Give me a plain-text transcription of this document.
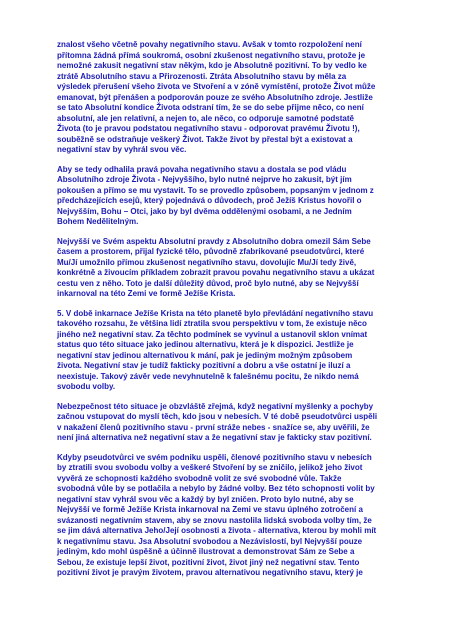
znalost všeho včetně povahy negativního stavu. Avšak v tomto rozpoložení není
přítomna žádná přímá soukromá, osobní zkušenost negativního stavu, protože je
nemožné zakusit negativní stav někým, kdo je Absolutně pozitivní. To by vedlo ke
ztrátě Absolutního stavu a Přirozenosti. Ztráta Absolutního stavu by měla za
výsledek přerušení všeho života ve Stvoření a v zóně vymístění, protože Život může
emanovat, být přenášen a podporován pouze ze svého Absolutního zdroje. Jestliže
se tato Absolutní kondice Života odstraní tím, že se do sebe přijme něco, co není
absolutní, ale jen relativní, a nejen to, ale něco, co odporuje samotné podstatě
Života (to je pravou podstatou negativního stavu - odporovat pravému Životu !),
souběžně se odstraňuje veškerý Život. Takže život by přestal být a existovat a
negativní stav by vyhrál svou věc.

Aby se tedy odhalila pravá povaha negativního stavu a dostala se pod vládu
Absolutního zdroje Života - Nejvyššího, bylo nutné nejprve ho zakusit, být jím
pokoušen a přímo se mu vystavit. To se provedlo způsobem, popsaným v jednom z
předcházejících esejů, který pojednává o důvodech, proč Ježíš Kristus hovořil o
Nejvyšším, Bohu – Otci, jako by byl dvěma oddělenými osobami, a ne Jedním
Bohem Nedělitelným.

Nejvyšší ve Svém aspektu Absolutní pravdy z Absolutního dobra omezil Sám Sebe
časem a prostorem, přijal fyzické tělo, původně zfabrikované pseudotvůrci, které
Mu/Jí umožnilo přímou zkušenost negativního stavu, dovolujíc Mu/Jí tedy živě,
konkrétně a živoucím příkladem zobrazit pravou povahu negativního stavu a ukázat
cestu ven z něho. Toto je další důležitý důvod, proč bylo nutné, aby se Nejvyšší
inkarnoval na této Zemi ve formě Ježíše Krista.

5. V době inkarnace Ježíše Krista na této planetě bylo převládání negativního stavu
takového rozsahu, že většina lidí ztratila svou perspektivu v tom, že existuje něco
jiného než negativní stav. Za těchto podmínek se vyvinul a ustanovil sklon vnímat
status quo této situace jako jedinou alternativu, která je k dispozici. Jestliže je
negativní stav jedinou alternativou k mání, pak je jediným možným způsobem
života. Negativní stav je tudíž fakticky pozitivní a dobru a vše ostatní je iluzí a
neexistuje. Takový závěr vede nevyhnutelně k falešnému pocitu, že nikdo nemá
svobodu volby.

Nebezpečnost této situace je obzvláště zřejmá, když negativní myšlenky a pochyby
začnou vstupovat do myslí těch, kdo jsou v nebesích. V té době pseudotvůrci uspěli
v nakažení členů pozitivního stavu - první stráže nebes - snažíce se, aby uvěřili, že
není jiná alternativa než negativní stav a že negativní stav je fakticky stav pozitivní.

Kdyby pseudotvůrci ve svém podniku uspěli, členové pozitivního stavu v nebesích
by ztratili svou svobodu volby a veškeré Stvoření by se zničilo, jelikož jeho život
vyvěrá ze schopnosti každého svobodně volit ze své svobodné vůle. Takže
svobodná vůle by se potlačila a nebylo by žádné volby. Bez této schopnosti volit by
negativní stav vyhrál svou věc a každý by byl zničen. Proto bylo nutné, aby se
Nejvyšší ve formě Ježíše Krista inkarnoval na Zemi ve stavu úplného zotročení a
svázanosti negativním stavem, aby se znovu nastolila lidská svoboda volby tím, že
se jim dává alternativa Jeho/Její osobnosti a života - alternativa, kterou by mohli mít
k negativnímu stavu. Jsa Absolutní svobodou a Nezávislostí, byl Nejvyšší pouze
jediným, kdo mohl úspěšně a účinně ilustrovat a demonstrovat Sám ze Sebe a
Sebou, že existuje lepší život, pozitivní život, život jiný než negativní stav. Tento
pozitivní život je pravým životem, pravou alternativou negativního stavu, který je
